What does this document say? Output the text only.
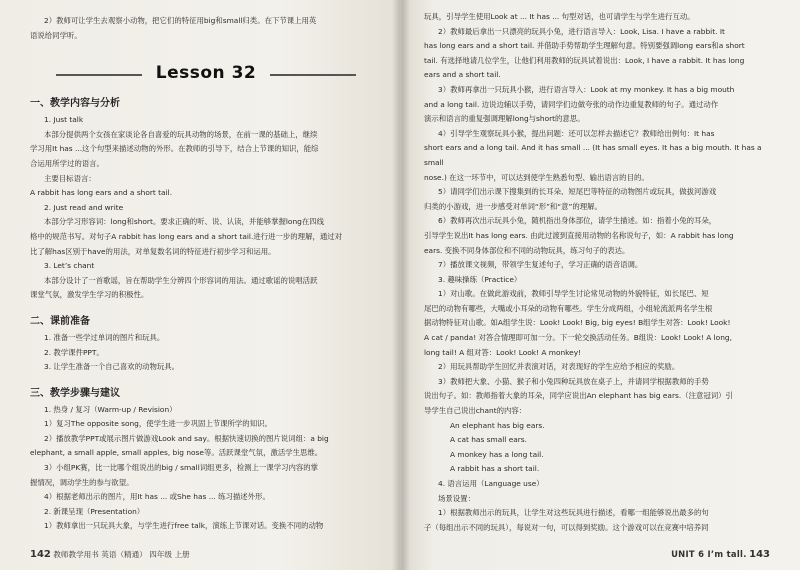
2）教师可让学生去观察小动物，把它们的特征用big和small归类。在下节课上用英

语说给同学听。

Lesson 32

一、教学内容与分析

1. Just talk

本部分提供两个女孩在家谈论各自喜爱的玩具动物的场景，在前一课的基础上，继续

学习用It has ...这个句型来描述动物的外形。在教师的引导下，结合上节课的知识，能综

合运用所学过的语言。

主要目标语言：

A rabbit has long ears and a short tail.

2. Just read and write

本部分学习形容词：long和short。要求正确的听、说、认读，并能够掌握long在四线

格中的规范书写。对句子A rabbit has long ears and a short tail.进行进一步的理解，通过对

比了解has区别于have的用法，对单复数名词的特征进行初步学习和运用。

3. Let’s chant

本部分设计了一首歌谣，旨在帮助学生分辨四个形容词的用法。通过歌谣的说唱活跃

课堂气氛，激发学生学习的积极性。

二、课前准备

1. 准备一些学过单词的图片和玩具。

2. 教学课件PPT。

3. 让学生准备一个自己喜欢的动物玩具。

三、教学步骤与建议

1. 热身 / 复习（Warm-up / Revision）

1）复习The opposite song，使学生进一步巩固上节课所学的知识。

2）播放教学PPT或展示图片做游戏Look and say。根据快速切换的图片说词组：a big

elephant, a small apple, small apples, big nose等。活跃课堂气氛，激活学生思维。

3）小组PK赛，比一比哪个组说出的big / small词组更多，检测上一课学习内容的掌

握情况，调动学生的参与欲望。

4）根据老师出示的图片，用It has ... 或She has ... 练习描述外形。

2. 新课呈现（Presentation）

1）教师拿出一只玩具大象，与学生进行free talk，演练上节课对话。变换不同的动物

142 教师教学用书 英语（精通） 四年级 上册

玩具，引导学生使用Look at ... It has ... 句型对话，也可请学生与学生进行互动。

2）教师最后拿出一只漂亮的玩具小兔，进行语言导入：Look, Lisa. I have a rabbit. It

has long ears and a short tail. 并借助手势帮助学生理解句意。特别要强调long ears和a short

tail. 有选择地请几位学生，让他们利用教师的玩具试着说出：Look, I have a rabbit. It has long

ears and a short tail.

3）教师再拿出一只玩具小猴，进行语言导入：Look at my monkey. It has a big mouth

and a long tail. 边说边辅以手势，请同学们边做夸张的动作边重复教师的句子。通过动作

演示和语言的重复强调理解long与short的意思。

4）引导学生观察玩具小猴，提出问题：还可以怎样去描述它？教师给出例句：It has

short ears and a long tail. And it has small ... (It has small eyes. It has a big mouth. It has a small

nose.) 在这一环节中，可以达到使学生熟悉句型、输出语言的目的。

5）请同学们出示课下搜集到的长耳朵、短尾巴等特征的动物图片或玩具，做拔河游戏

归类的小游戏，进一步感受对单词“形”和“意”的理解。

6）教师再次出示玩具小兔，随机指出身体部位，请学生描述。如：指着小兔的耳朵，

引导学生说出It has long ears. 由此过渡到直接用动物的名称说句子，如：A rabbit has long

ears. 变换不同身体部位和不同的动物玩具，练习句子的表达。

7）播放课文视频，带领学生复述句子，学习正确的语音语调。

3. 趣味操练（Practice）

1）对山歌。在做此游戏前，教师引导学生讨论常见动物的外貌特征，如长尾巴、短

尾巴的动物有哪些，大嘴或小耳朵的动物有哪些。学生分成两组，小组轮流派两名学生根

据动物特征对山歌。如A组学生说：Look! Look! Big, big eyes! B组学生对答：Look! Look!

A cat / panda! 对答合情理即可加一分。下一轮交换活动任务。B组说：Look! Look! A long,

long tail! A 组对答：Look! Look! A monkey!

2）用玩具帮助学生回忆并表演对话，对表现好的学生应给予相应的奖励。

3）教师把大象、小猫、猴子和小兔四种玩具放在桌子上，并请同学根据教师的手势

说出句子。如：教师指着大象的耳朵，同学应说出An elephant has big ears.（注意冠词）引

导学生自己说出chant的内容：

An elephant has big ears.

A cat has small ears.

A monkey has a long tail.

A rabbit has a short tail.

4. 语言运用（Language use）

场景设置：

1）根据教师出示的玩具，让学生对这些玩具进行描述，看哪一组能够说出最多的句

子（每组出示不同的玩具），每说对一句，可以得到奖励。这个游戏可以在竞赛中培养同

UNIT 6 I’m tall. 143
